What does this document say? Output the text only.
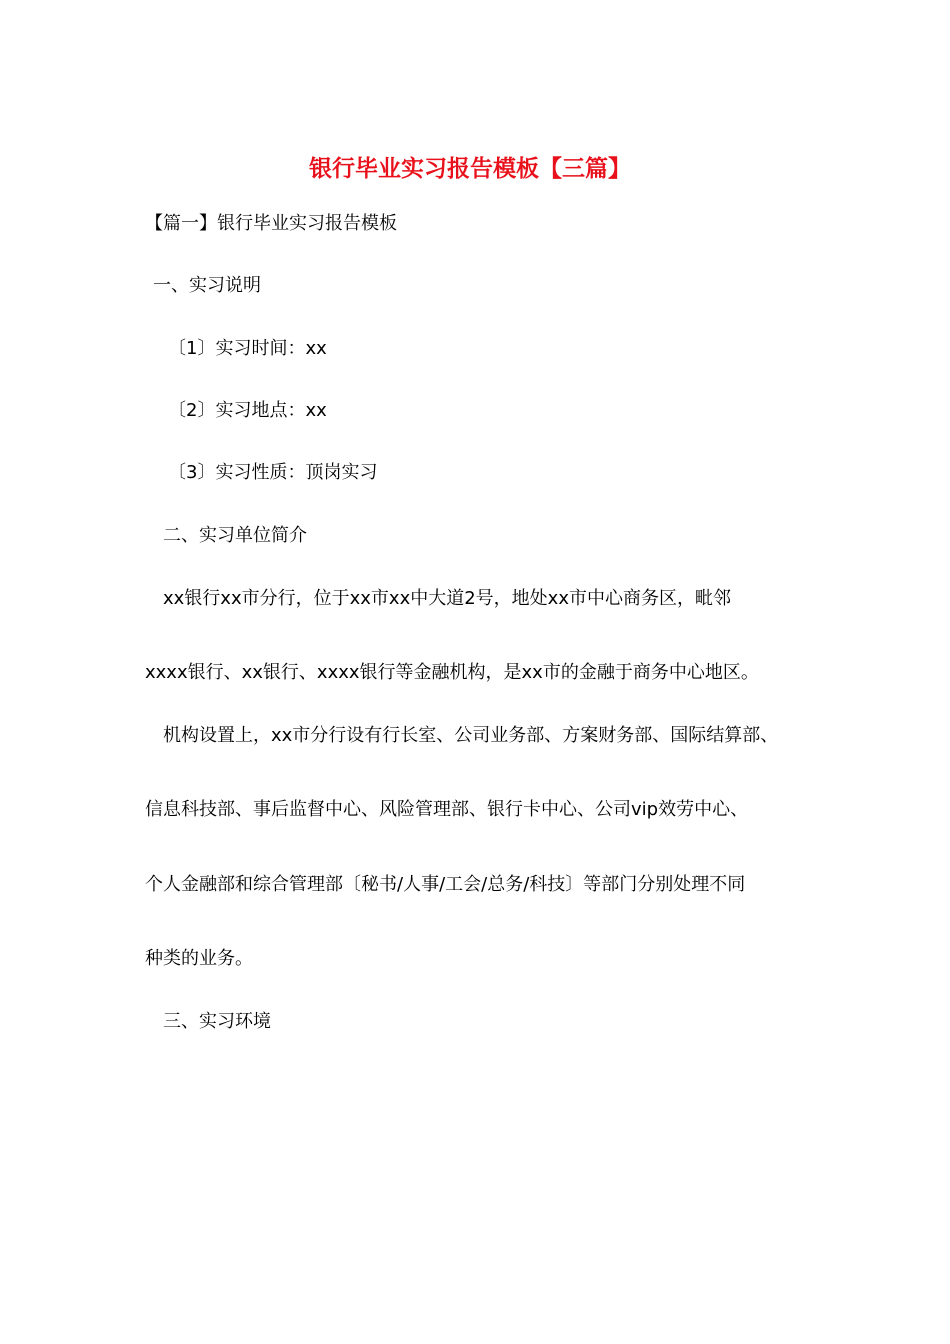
银行毕业实习报告模板【三篇】
【篇一】银行毕业实习报告模板
一、实习说明
〔1〕实习时间：xx
〔2〕实习地点：xx
〔3〕实习性质：顶岗实习
二、实习单位简介
xx银行xx市分行，位于xx市xx中大道2号，地处xx市中心商务区，毗邻
xxxx银行、xx银行、xxxx银行等金融机构，是xx市的金融于商务中心地区。
机构设置上，xx市分行设有行长室、公司业务部、方案财务部、国际结算部、
信息科技部、事后监督中心、风险管理部、银行卡中心、公司vip效劳中心、
个人金融部和综合管理部〔秘书/人事/工会/总务/科技〕等部门分别处理不同
种类的业务。
三、实习环境
